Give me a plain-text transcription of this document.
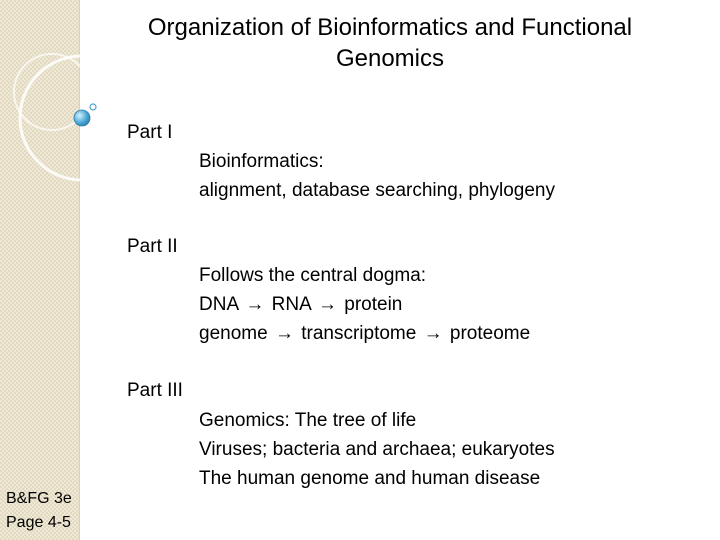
Organization of Bioinformatics and Functional Genomics
Part I
Bioinformatics:
alignment, database searching, phylogeny
Part II
Follows the central dogma:
DNA → RNA → protein
genome → transcriptome → proteome
Part III
Genomics: The tree of life
Viruses; bacteria and archaea; eukaryotes
The human genome and human disease
B&FG 3e
Page 4-5
